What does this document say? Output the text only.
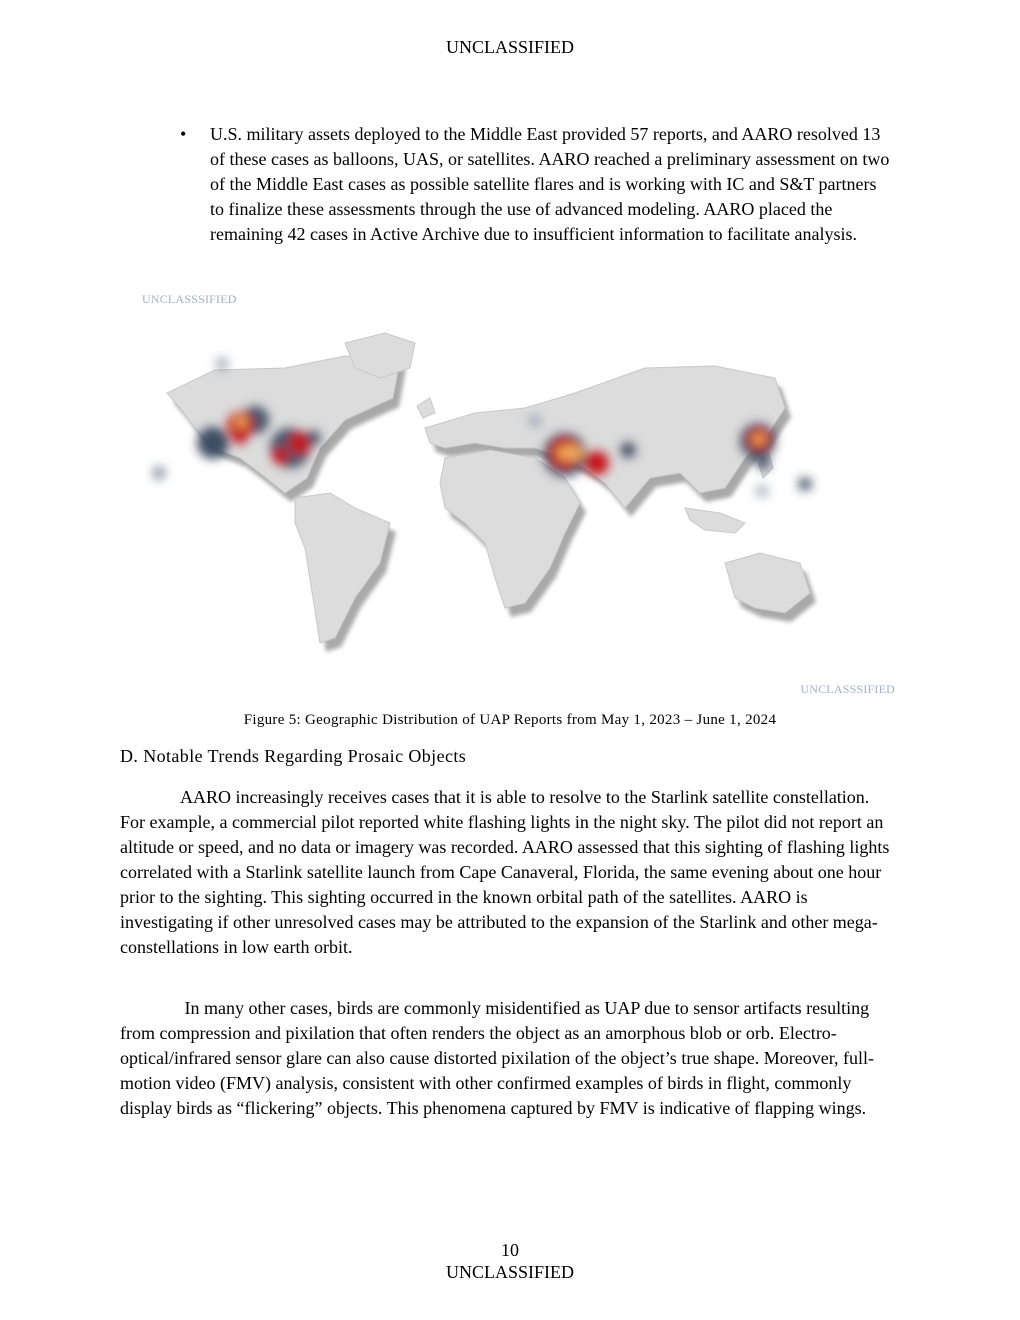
UNCLASSIFIED
•	U.S. military assets deployed to the Middle East provided 57 reports, and AARO resolved 13 of these cases as balloons, UAS, or satellites. AARO reached a preliminary assessment on two of the Middle East cases as possible satellite flares and is working with IC and S&T partners to finalize these assessments through the use of advanced modeling. AARO placed the remaining 42 cases in Active Archive due to insufficient information to facilitate analysis.
UNCLASSSIFIED
UNCLASSSIFIED
Figure 5: Geographic Distribution of UAP Reports from May 1, 2023 – June 1, 2024
D. Notable Trends Regarding Prosaic Objects
AARO increasingly receives cases that it is able to resolve to the Starlink satellite constellation. For example, a commercial pilot reported white flashing lights in the night sky. The pilot did not report an altitude or speed, and no data or imagery was recorded. AARO assessed that this sighting of flashing lights correlated with a Starlink satellite launch from Cape Canaveral, Florida, the same evening about one hour prior to the sighting. This sighting occurred in the known orbital path of the satellites. AARO is investigating if other unresolved cases may be attributed to the expansion of the Starlink and other mega-constellations in low earth orbit.
In many other cases, birds are commonly misidentified as UAP due to sensor artifacts resulting from compression and pixilation that often renders the object as an amorphous blob or orb. Electro-optical/infrared sensor glare can also cause distorted pixilation of the object’s true shape. Moreover, full-motion video (FMV) analysis, consistent with other confirmed examples of birds in flight, commonly display birds as “flickering” objects. This phenomena captured by FMV is indicative of flapping wings.
10
UNCLASSIFIED
